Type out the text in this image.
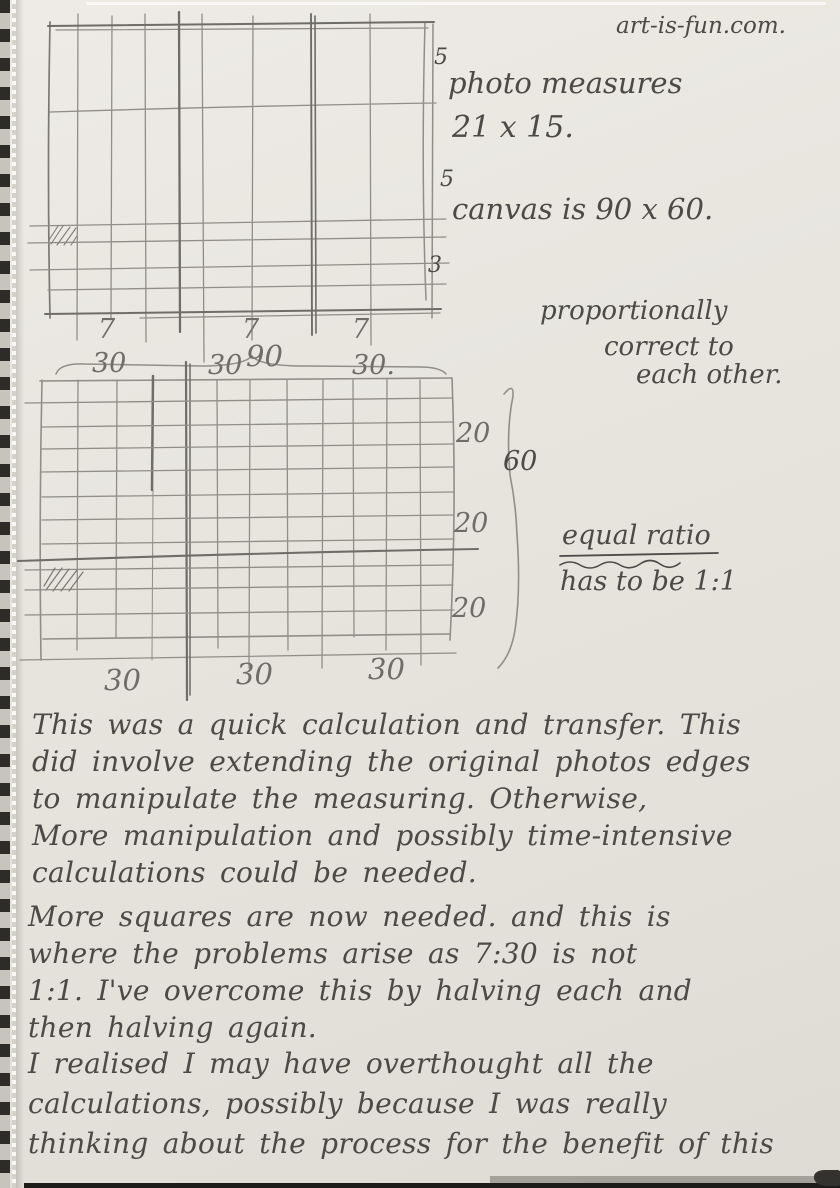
art-is-fun.com.
5
5
3
photo measures
21 x 15.
canvas is 90 x 60.
proportionally
correct to
each other.
7	7	7
30	30 90	30.
20
20
20
60
30	30	30
equal ratio
has to be 1:1
This was a quick calculation and transfer. This
did involve extending the original photos edges
to manipulate the measuring. Otherwise,
More manipulation and possibly time-intensive
calculations could be needed.
More squares are now needed. and this is
where the problems arise as 7:30 is not
1:1. I've overcome this by halving each and
then halving again.
I realised I may have overthought all the
calculations, possibly because I was really
thinking about the process for the benefit of this
